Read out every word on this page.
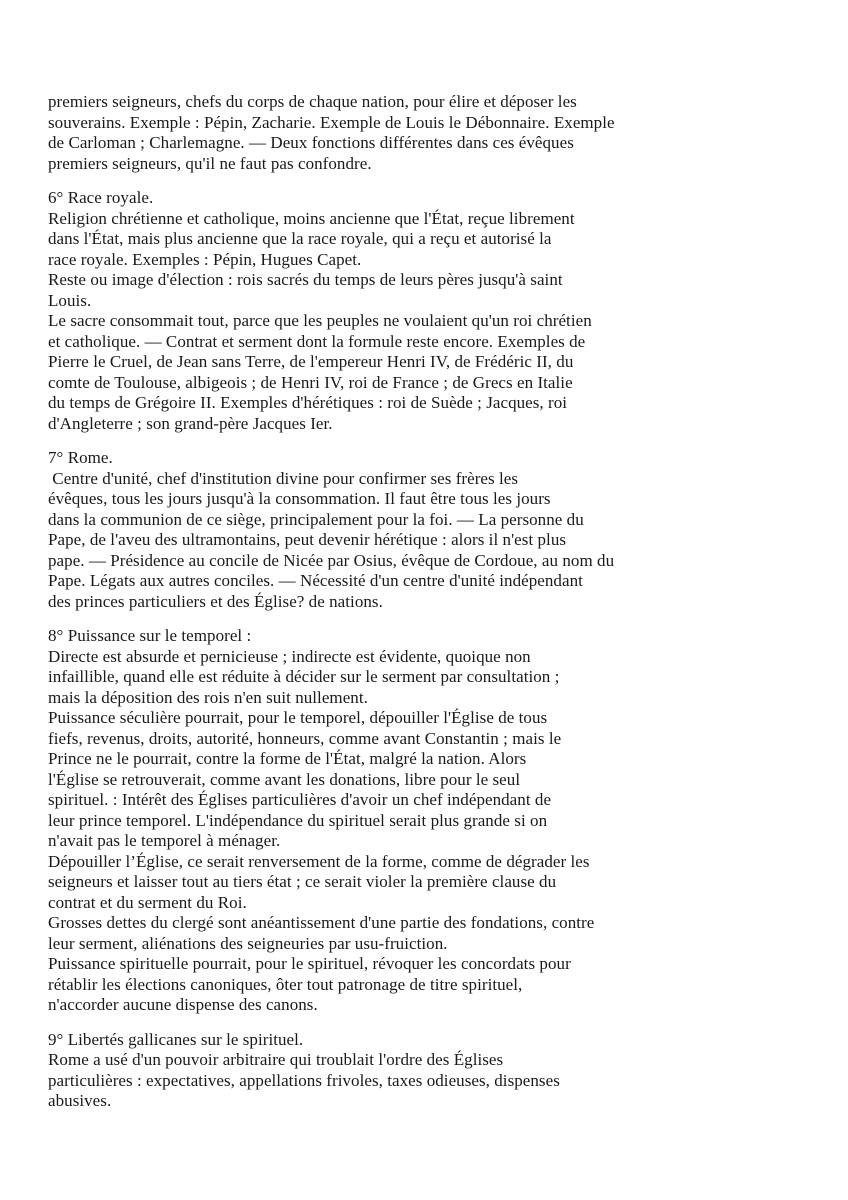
premiers seigneurs, chefs du corps de chaque nation, pour élire et déposer les
souverains. Exemple : Pépin, Zacharie. Exemple de Louis le Débonnaire. Exemple
de Carloman ; Charlemagne. — Deux fonctions différentes dans ces évêques
premiers seigneurs, qu'il ne faut pas confondre.
6° Race royale.
Religion chrétienne et catholique, moins ancienne que l'État, reçue librement
dans l'État, mais plus ancienne que la race royale, qui a reçu et autorisé la
race royale. Exemples : Pépin, Hugues Capet.
Reste ou image d'élection : rois sacrés du temps de leurs pères jusqu'à saint
Louis.
Le sacre consommait tout, parce que les peuples ne voulaient qu'un roi chrétien
et catholique. — Contrat et serment dont la formule reste encore. Exemples de
Pierre le Cruel, de Jean sans Terre, de l'empereur Henri IV, de Frédéric II, du
comte de Toulouse, albigeois ; de Henri IV, roi de France ; de Grecs en Italie
du temps de Grégoire II. Exemples d'hérétiques : roi de Suède ; Jacques, roi
d'Angleterre ; son grand-père Jacques Ier.
7° Rome.
Centre d'unité, chef d'institution divine pour confirmer ses frères les
évêques, tous les jours jusqu'à la consommation. Il faut être tous les jours
dans la communion de ce siège, principalement pour la foi. — La personne du
Pape, de l'aveu des ultramontains, peut devenir hérétique : alors il n'est plus
pape. — Présidence au concile de Nicée par Osius, évêque de Cordoue, au nom du
Pape. Légats aux autres conciles. — Nécessité d'un centre d'unité indépendant
des princes particuliers et des Église? de nations.
8° Puissance sur le temporel :
Directe est absurde et pernicieuse ; indirecte est évidente, quoique non
infaillible, quand elle est réduite à décider sur le serment par consultation ;
mais la déposition des rois n'en suit nullement.
Puissance séculière pourrait, pour le temporel, dépouiller l'Église de tous
fiefs, revenus, droits, autorité, honneurs, comme avant Constantin ; mais le
Prince ne le pourrait, contre la forme de l'État, malgré la nation. Alors
l'Église se retrouverait, comme avant les donations, libre pour le seul
spirituel. : Intérêt des Églises particulières d'avoir un chef indépendant de
leur prince temporel. L'indépendance du spirituel serait plus grande si on
n'avait pas le temporel à ménager.
Dépouiller l’Église, ce serait renversement de la forme, comme de dégrader les
seigneurs et laisser tout au tiers état ; ce serait violer la première clause du
contrat et du serment du Roi.
Grosses dettes du clergé sont anéantissement d'une partie des fondations, contre
leur serment, aliénations des seigneuries par usu-fruiction.
Puissance spirituelle pourrait, pour le spirituel, révoquer les concordats pour
rétablir les élections canoniques, ôter tout patronage de titre spirituel,
n'accorder aucune dispense des canons.
9° Libertés gallicanes sur le spirituel.
Rome a usé d'un pouvoir arbitraire qui troublait l'ordre des Églises
particulières : expectatives, appellations frivoles, taxes odieuses, dispenses
abusives.
